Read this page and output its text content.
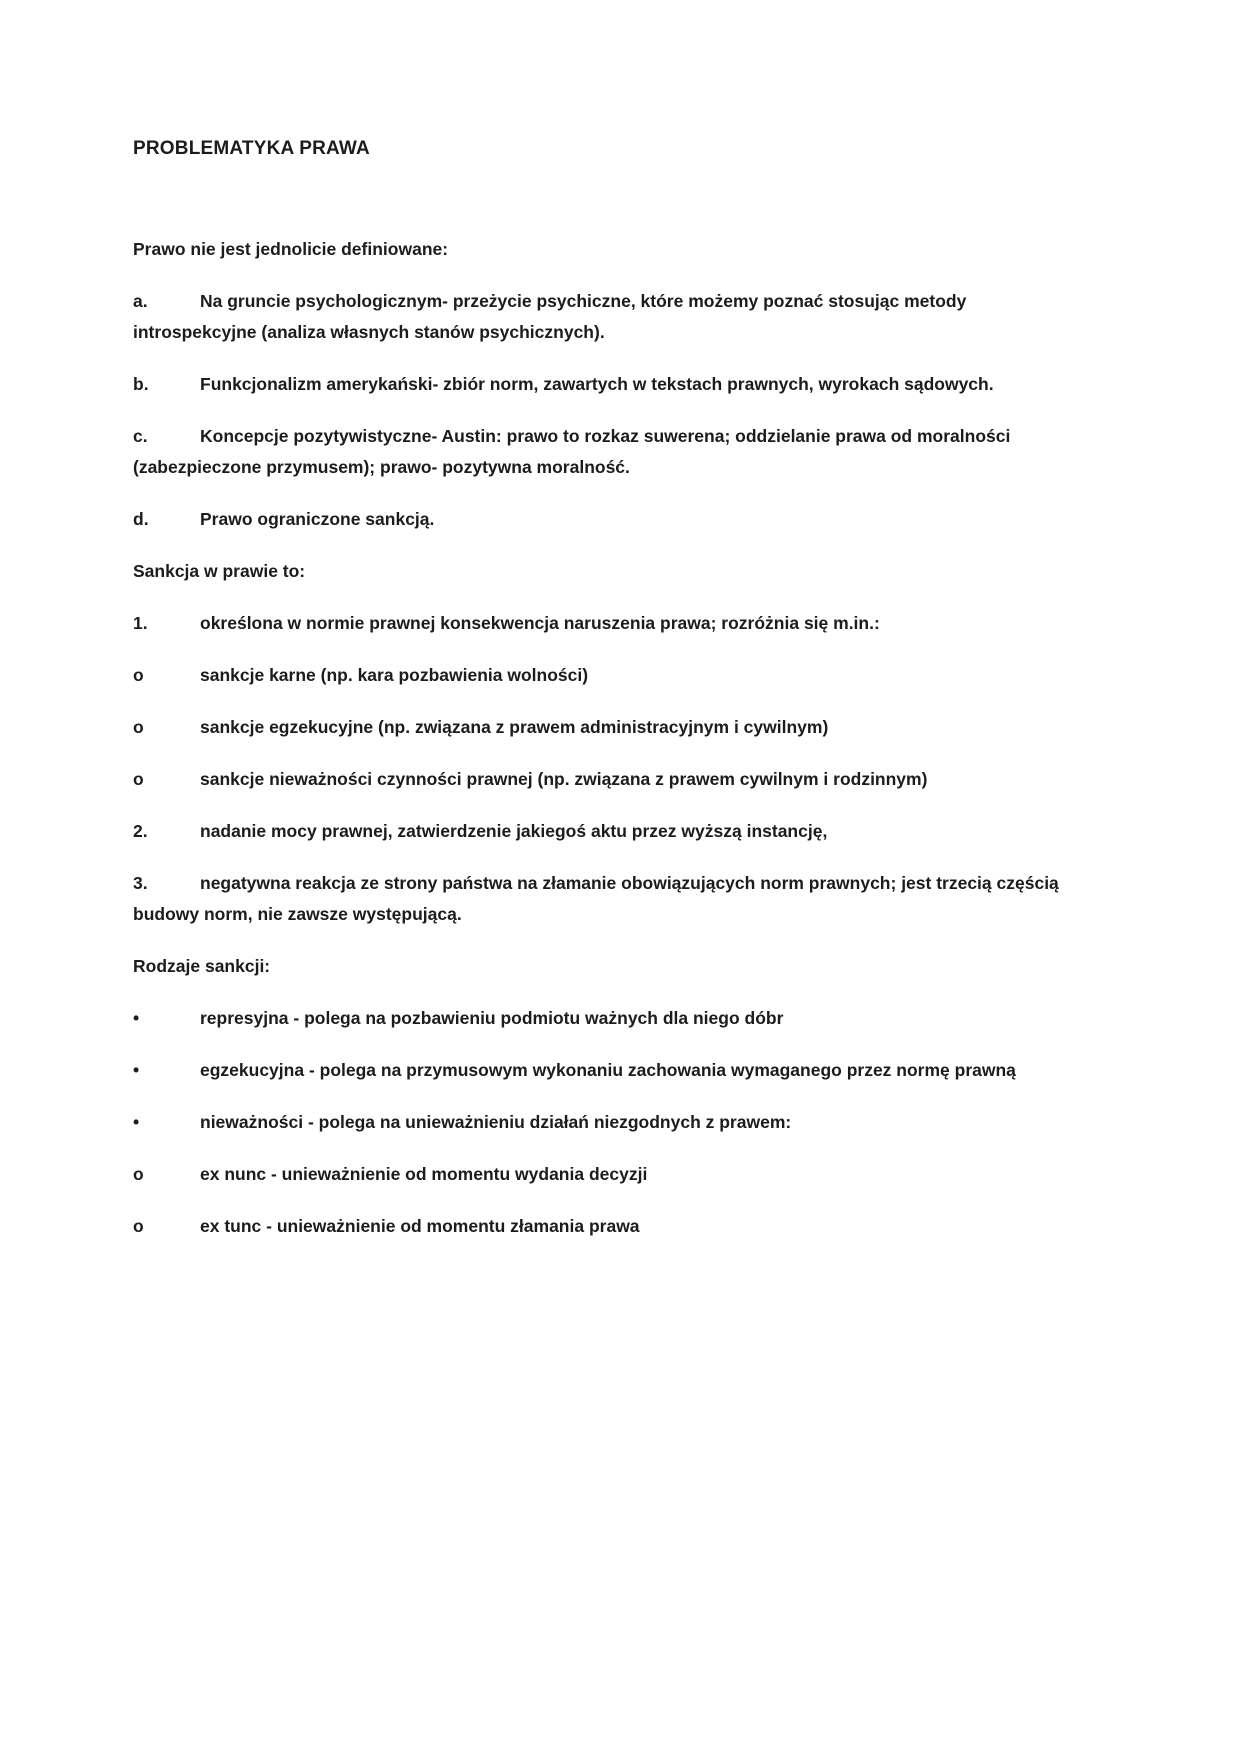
PROBLEMATYKA PRAWA

Prawo nie jest jednolicie definiowane:

a.	Na gruncie psychologicznym- przeżycie psychiczne, które możemy poznać stosując metody introspekcyjne (analiza własnych stanów psychicznych).

b.	Funkcjonalizm amerykański- zbiór norm, zawartych w tekstach prawnych, wyrokach sądowych.

c.	Koncepcje pozytywistyczne- Austin: prawo to rozkaz suwerena; oddzielanie prawa od moralności (zabezpieczone przymusem); prawo- pozytywna moralność.

d.	Prawo ograniczone sankcją.

Sankcja w prawie to:

1.	określona w normie prawnej konsekwencja naruszenia prawa; rozróżnia się m.in.:

o	sankcje karne (np. kara pozbawienia wolności)

o	sankcje egzekucyjne (np. związana z prawem administracyjnym i cywilnym)

o	sankcje nieważności czynności prawnej (np. związana z prawem cywilnym i rodzinnym)

2.	nadanie mocy prawnej, zatwierdzenie jakiegoś aktu przez wyższą instancję,

3.	negatywna reakcja ze strony państwa na złamanie obowiązujących norm prawnych; jest trzecią częścią budowy norm, nie zawsze występującą.

Rodzaje sankcji:

•	represyjna - polega na pozbawieniu podmiotu ważnych dla niego dóbr

•	egzekucyjna - polega na przymusowym wykonaniu zachowania wymaganego przez normę prawną

•	nieważności - polega na unieważnieniu działań niezgodnych z prawem:

o	ex nunc - unieważnienie od momentu wydania decyzji

o	ex tunc - unieważnienie od momentu złamania prawa
